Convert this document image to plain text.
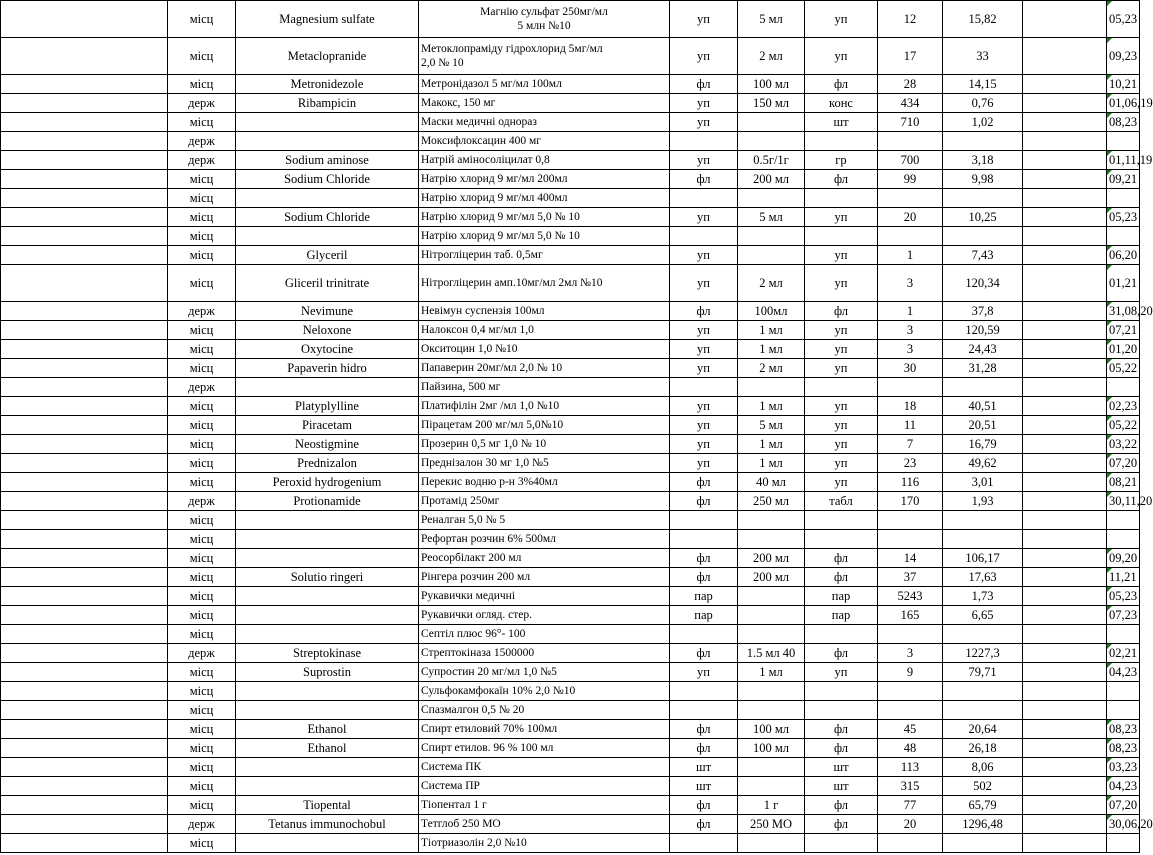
	місц	Magnesium sulfate	Магнію сульфат 250мг/мл
5 млн №10	уп	5 мл	уп	12	15,82		05,23
	місц	Metaclopranide	Метоклопраміду гідрохлорид 5мг/мл
2,0 № 10	уп	2 мл	уп	17	33		09,23
	місц	Metronidezole	Метронідазол 5 мг/мл 100мл	фл	100 мл	фл	28	14,15		10,21
	держ	Ribampicin	Макокс, 150 мг	уп	150 мл	конс	434	0,76		01,06,19
	місц		Маски медичні однораз	уп		шт	710	1,02		08,23
	держ		Моксифлоксацин 400 мг							
	держ	Sodium aminose	Натрій аміносоліцилат 0,8	уп	0.5г/1г	гр	700	3,18		01,11,19
	місц	Sodium Chloride	Натрію хлорид 9 мг/мл 200мл	фл	200 мл	фл	99	9,98		09,21
	місц		Натрію хлорид 9 мг/мл 400мл							
	місц	Sodium Chloride	Натрію хлорид 9 мг/мл 5,0 № 10	уп	5 мл	уп	20	10,25		05,23
	місц		Натрію хлорид 9 мг/мл 5,0 № 10							
	місц	Glyceril	Нітрогліцерин таб. 0,5мг	уп		уп	1	7,43		06,20
	місц	Gliceril trinitrate	Нітрогліцерин амп.10мг/мл 2мл №10	уп	2 мл	уп	3	120,34		01,21
	держ	Nevimune	Невімун суспензія 100мл	фл	100мл	фл	1	37,8		31,08,20
	місц	Neloxone	Налоксон 0,4 мг/мл 1,0	уп	1 мл	уп	3	120,59		07,21
	місц	Oxytocine	Окситоцин 1,0 №10	уп	1 мл	уп	3	24,43		01,20
	місц	Papaverin hidro	Папаверин 20мг/мл 2,0 № 10	уп	2 мл	уп	30	31,28		05,22
	держ		Пайзина, 500 мг							
	місц	Platyplylline	Платифілін 2мг /мл 1,0 №10	уп	1 мл	уп	18	40,51		02,23
	місц	Piracetam	Пірацетам 200 мг/мл 5,0№10	уп	5 мл	уп	11	20,51		05,22
	місц	Neostigmine	Прозерин 0,5 мг 1,0 № 10	уп	1 мл	уп	7	16,79		03,22
	місц	Prednizalon	Преднізалон 30 мг 1,0 №5	уп	1 мл	уп	23	49,62		07,20
	місц	Peroxid hydrogenium	Перекис водню р-н 3%40мл	фл	40 мл	уп	116	3,01		08,21
	держ	Protionamide	Протамід 250мг	фл	250 мл	табл	170	1,93		30,11,20
	місц		Реналган 5,0 № 5							
	місц		Рефортан розчин 6% 500мл							
	місц		Реосорбілакт 200 мл	фл	200 мл	фл	14	106,17		09,20
	місц	Solutio ringeri	Рінгера розчин 200 мл	фл	200 мл	фл	37	17,63		11,21
	місц		Рукавички медичні	пар		пар	5243	1,73		05,23
	місц		Рукавички огляд. стер.	пар		пар	165	6,65		07,23
	місц		Септіл плюс 96°- 100							
	держ	Streptokinase	Стрептокіназа 1500000	фл	1.5 мл 40	фл	3	1227,3		02,21
	місц	Suprostin	Супростин 20 мг/мл 1,0 №5	уп	1 мл	уп	9	79,71		04,23
	місц		Сульфокамфокаїн 10% 2,0 №10							
	місц		Спазмалгон 0,5 № 20							
	місц	Ethanol	Спирт етиловий 70% 100мл	фл	100 мл	фл	45	20,64		08,23
	місц	Ethanol	Спирт етилов. 96 % 100 мл	фл	100 мл	фл	48	26,18		08,23
	місц		Система ПК	шт		шт	113	8,06		03,23
	місц		Система ПР	шт		шт	315	502		04,23
	місц	Tiopental	Тіопентал 1 г	фл	1 г	фл	77	65,79		07,20
	держ	Tetanus immunochobul	Тетглоб 250 МО	фл	250 МО	фл	20	1296,48		30,06,20
	місц		Тіотриазолін 2,0 №10							
